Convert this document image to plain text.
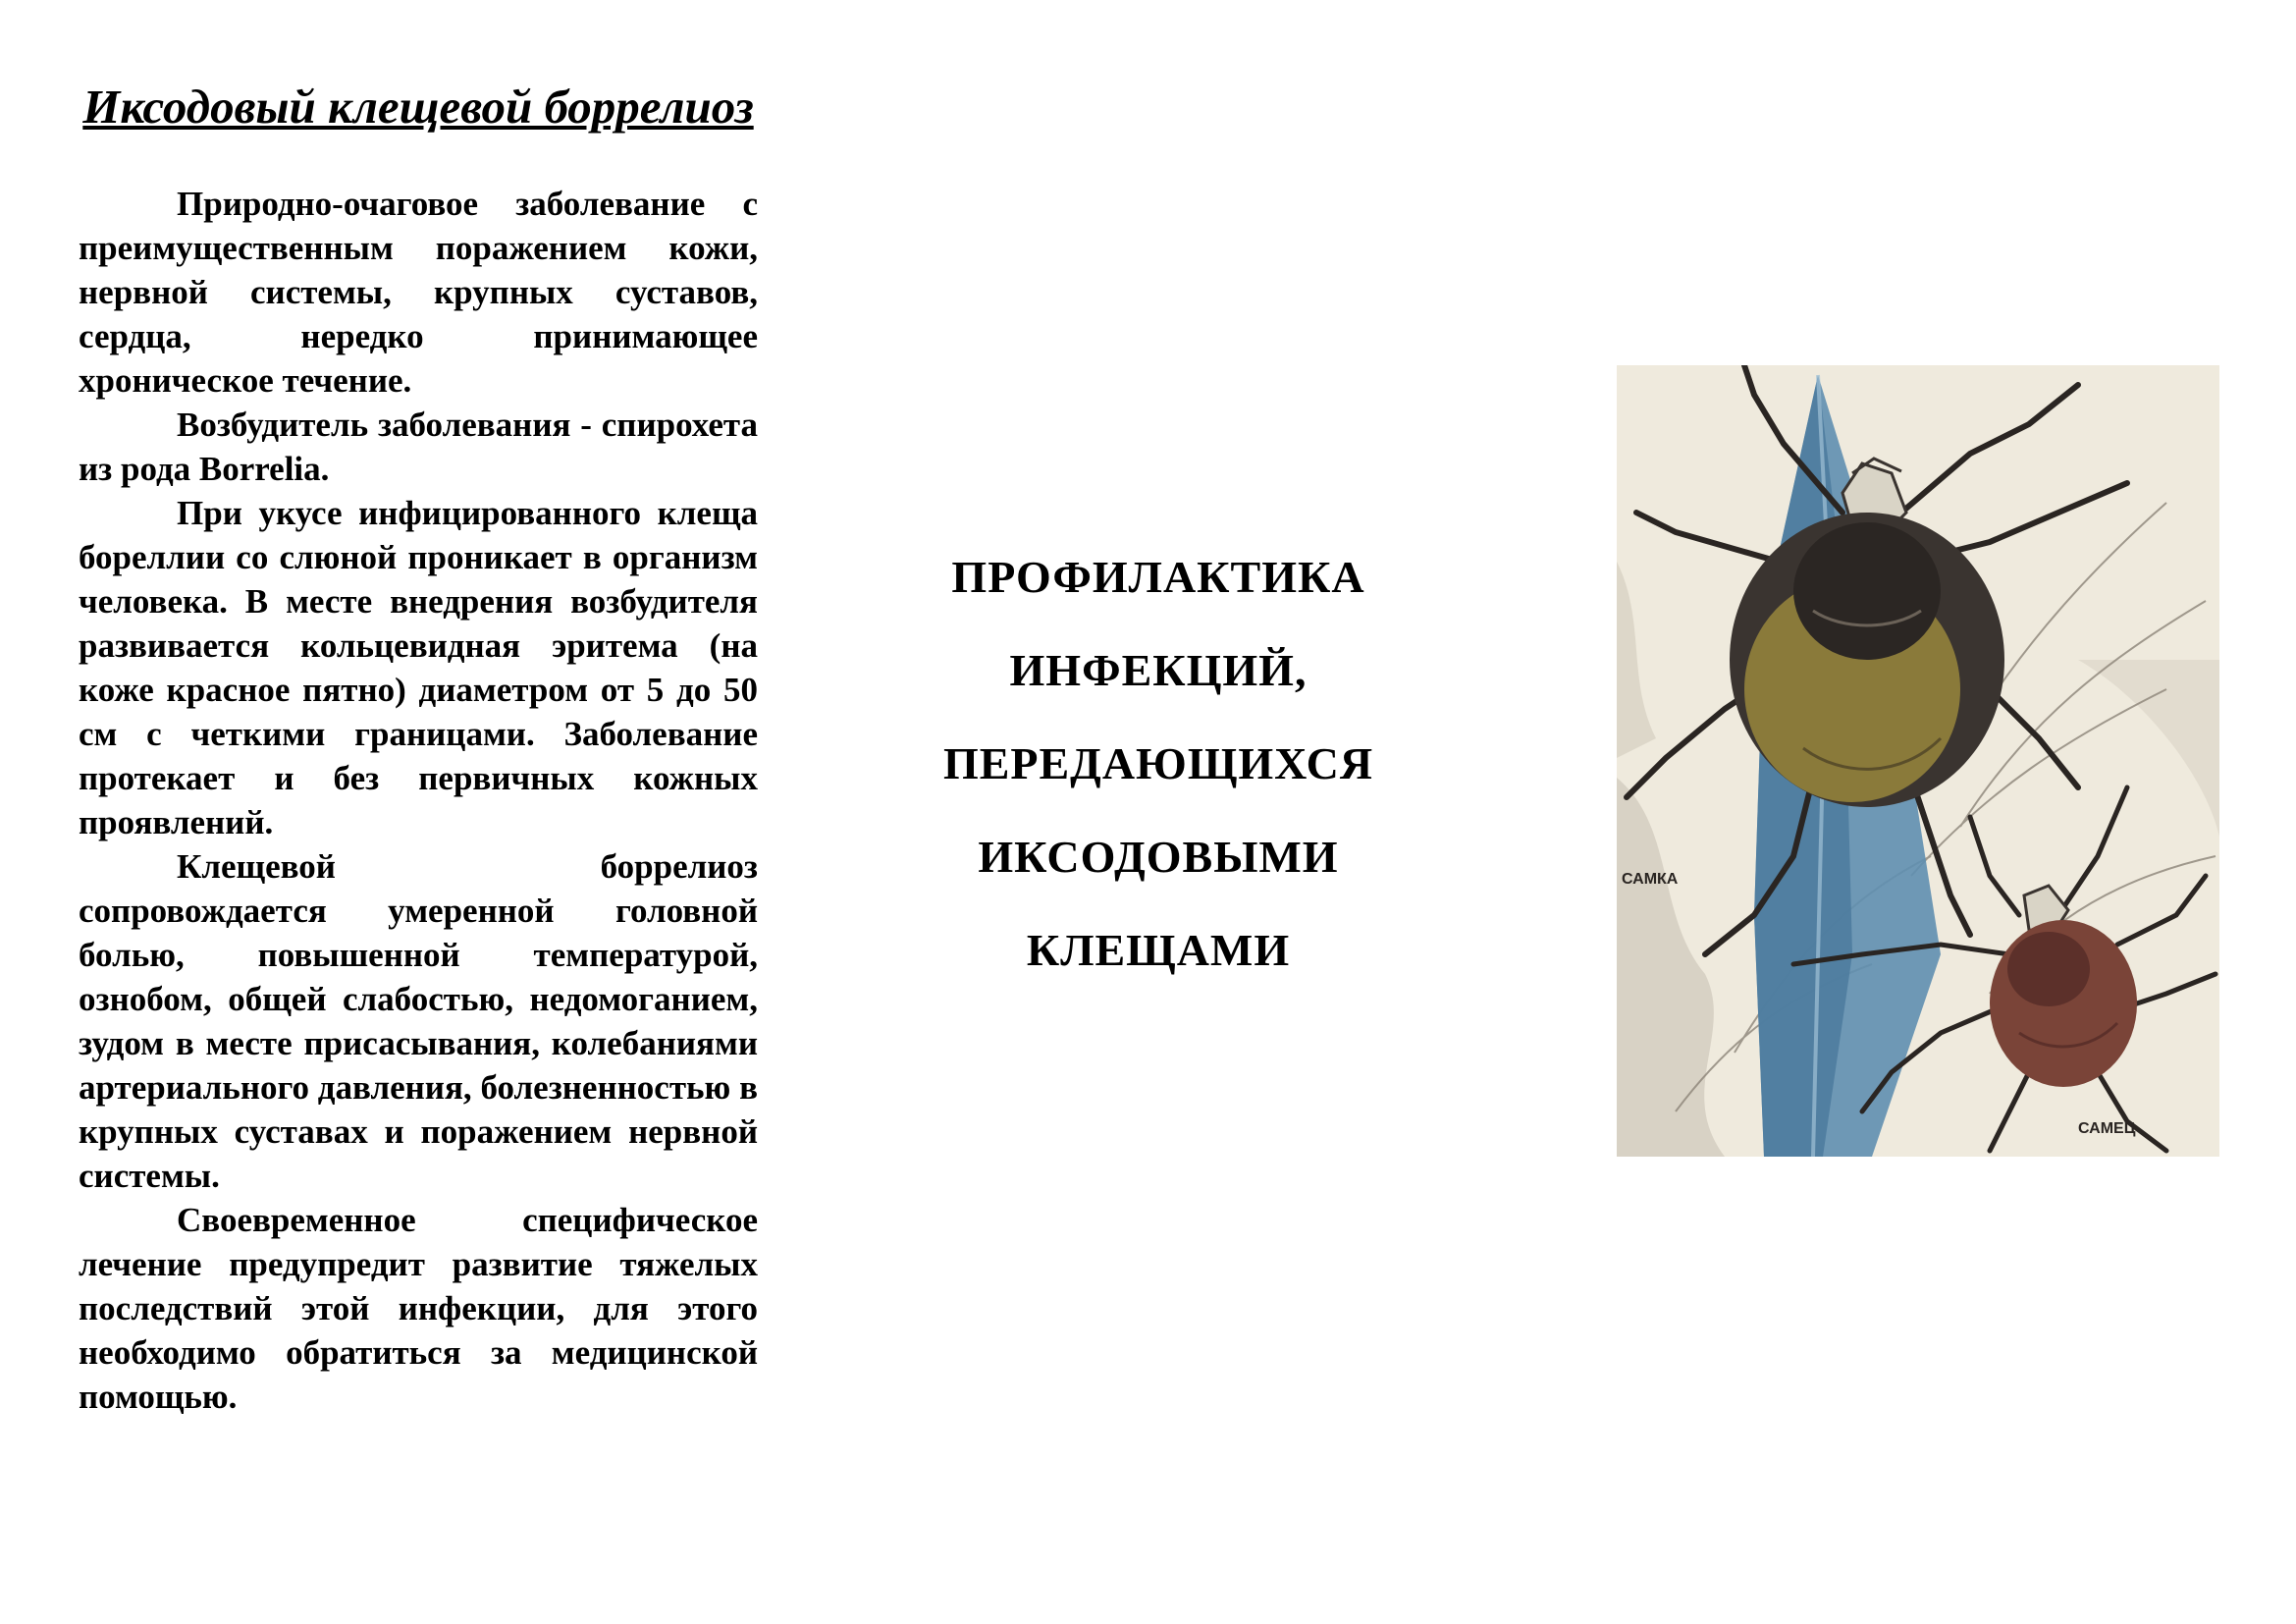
Иксодовый клещевой боррелиоз

Природно-очаговое заболевание с преимущественным поражением кожи, нервной системы, крупных суставов, сердца, нередко принимающее хроническое течение.

Возбудитель заболевания - спирохета из рода Borrelia.

При укусе инфицированного клеща бореллии со слюной проникает в организм человека. В месте внедрения возбудителя развивается кольцевидная эритема (на коже красное пятно) диаметром от 5 до 50 см с четкими границами. Заболевание протекает и без первичных кожных проявлений.

Клещевой боррелиоз сопровождается умеренной головной болью, повышенной температурой, ознобом, общей слабостью, недомоганием, зудом в месте присасывания, колебаниями артериального давления, болезненностью в крупных суставах и поражением нервной системы.

Своевременное специфическое лечение предупредит развитие тяжелых последствий этой инфекции, для этого необходимо обратиться за медицинской помощью.

ПРОФИЛАКТИКА
ИНФЕКЦИЙ,
ПЕРЕДАЮЩИХСЯ
ИКСОДОВЫМИ
КЛЕЩАМИ
САМКА
САМЕЦ
